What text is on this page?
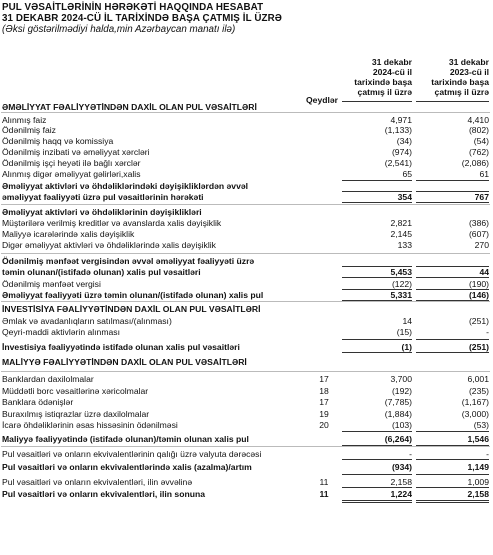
PUL VƏSAİTLƏRİNİN HƏRƏKƏTİ HAQQINDA HESABAT
31 DEKABR 2024-CÜ İL TARİXİNDƏ BAŞA ÇATMIŞ İL ÜZRƏ
(Əksi göstərilmədiyi halda,min Azərbaycan manatı ilə)
31 dekabr
2024-cü il
tarixində başa
çatmış il üzrə
31 dekabr
2023-cü il
tarixində başa
çatmış il üzrə
Qeydlər
ƏMƏLİYYAT FƏALİYYƏTİNDƏN DAXİL OLAN PUL VƏSAİTLƏRİ
Alınmış faiz	4,971	4,410
Ödənilmiş faiz	(1,133)	(802)
Ödənilmiş haqq və komissiya	(34)	(54)
Ödənilmiş inzibati və əməliyyat xərcləri	(974)	(762)
Ödənilmiş işçi heyəti ilə bağlı xərclər	(2,541)	(2,086)
Alınmış digər əməliyyat gəlirləri,xalis	65	61
Əməliyyat aktivləri və öhdəliklərindəki dəyişikliklərdən əvvəl
əməliyyat fəaliyyəti üzrə pul vəsaitlərinin hərəkəti	354	767
Əməliyyat aktivləri və öhdəliklərinin dəyişiklikləri
Müştərilərə verilmiş kreditlər və avanslarda xalis dəyişiklik	2,821	(386)
Maliyyə icarələrində xalis dəyişiklik	2,145	(607)
Digər əməliyyat aktivləri və öhdəliklərində xalis dəyişiklik	133	270
Ödənilmiş mənfəət vergisindən əvvəl əməliyyat fəaliyyəti üzrə
təmin olunan/(istifadə olunan) xalis pul vəsaitləri	5,453	44
Ödənilmiş mənfəət vergisi	(122)	(190)
Əməliyyat fəaliyyəti üzrə təmin olunan/(istifadə olunan) xalis pul	5,331	(146)
İNVESTİSİYA FƏALİYYƏTİNDƏN DAXİL OLAN PUL VƏSAİTLƏRİ
Əmlak və avadanlıqların satılması/(alınması)	14	(251)
Qeyri-maddi aktivlərin alınması	(15)	-
İnvestisiya fəaliyyətində istifadə olunan xalis pul vəsaitləri	(1)	(251)
MALİYYƏ FƏALİYYƏTİNDƏN DAXİL OLAN PUL VƏSAİTLƏRİ
Banklardan daxilolmalar	17	3,700	6,001
Müddətli borc vəsaitlərinə xəricolmalar	18	(192)	(235)
Banklara ödənişlər	17	(7,785)	(1,167)
Buraxılmış istiqrazlar üzrə daxilolmalar	19	(1,884)	(3,000)
İcarə öhdəliklərinin əsas hissəsinin ödənilməsi	20	(103)	(53)
Maliyyə fəaliyyətində (istifadə olunan)/təmin olunan xalis pul	(6,264)	1,546
Pul vəsaitləri və onların ekvivalentlərinin qalığı üzrə valyuta dərəcəsi	-	-
Pul vəsaitləri və onların ekvivalentlərində xalis (azalma)/artım	(934)	1,149
Pul vəsaitləri və onların ekvivalentləri, ilin əvvəlinə	11	2,158	1,009
Pul vəsaitləri və onların ekvivalentləri, ilin sonuna	11	1,224	2,158
